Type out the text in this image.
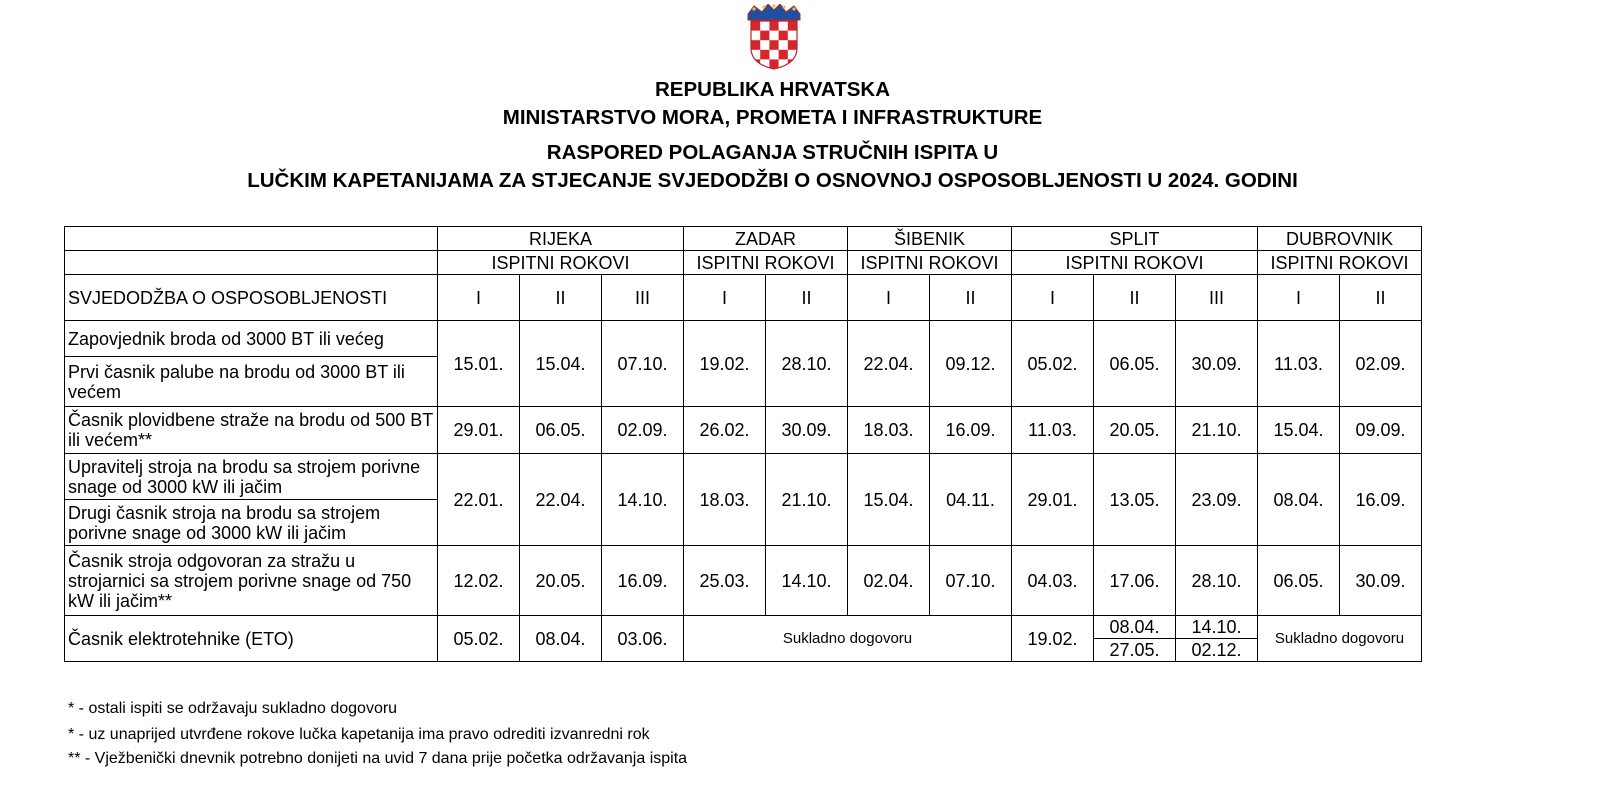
REPUBLIKA HRVATSKA
MINISTARSTVO MORA, PROMETA I INFRASTRUKTURE
RASPORED POLAGANJA STRUČNIH ISPITA U
LUČKIM KAPETANIJAMA ZA STJECANJE SVJEDODŽBI O OSNOVNOJ OSPOSOBLJENOSTI U 2024. GODINI
	RIJEKA			ZADAR		ŠIBENIK		SPLIT			DUBROVNIK	
	ISPITNI ROKOVI			ISPITNI ROKOVI		ISPITNI ROKOVI		ISPITNI ROKOVI			ISPITNI ROKOVI	
SVJEDODŽBA O OSPOSOBLJENOSTI	I	II	III	I	II	I	II	I	II	III	I	II
Zapovjednik broda od 3000 BT ili većeg	15.01.	15.04.	07.10.	19.02.	28.10.	22.04.	09.12.	05.02.	06.05.	30.09.	11.03.	02.09.
Prvi časnik palube na brodu od 3000 BT ili većem												
Časnik plovidbene straže na brodu od 500 BT ili većem**	29.01.	06.05.	02.09.	26.02.	30.09.	18.03.	16.09.	11.03.	20.05.	21.10.	15.04.	09.09.
Upravitelj stroja na brodu sa strojem porivne snage od 3000 kW ili jačim	22.01.	22.04.	14.10.	18.03.	21.10.	15.04.	04.11.	29.01.	13.05.	23.09.	08.04.	16.09.
Drugi časnik stroja na brodu sa strojem porivne snage od 3000 kW ili jačim												
Časnik stroja odgovoran za stražu u strojarnici sa strojem porivne snage od 750 kW ili jačim**	12.02.	20.05.	16.09.	25.03.	14.10.	02.04.	07.10.	04.03.	17.06.	28.10.	06.05.	30.09.
Časnik elektrotehnike (ETO)	05.02.	08.04.	03.06.	Sukladno dogovoru				19.02.	08.04.	14.10.	Sukladno dogovoru	
									27.05.	02.12.		
* - ostali ispiti se održavaju sukladno dogovoru
* - uz unaprijed utvrđene rokove lučka kapetanija ima pravo odrediti izvanredni rok
** - Vježbenički dnevnik potrebno donijeti na uvid 7 dana prije početka održavanja ispita
